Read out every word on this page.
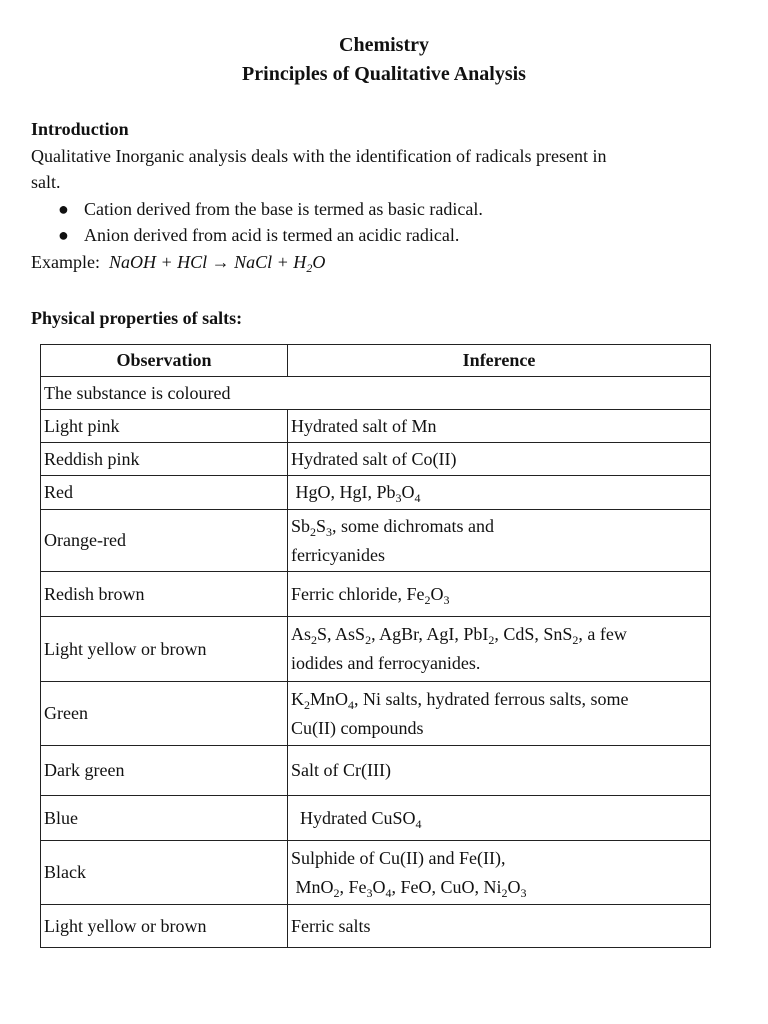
Chemistry
Principles of Qualitative Analysis
Introduction
Qualitative Inorganic analysis deals with the identification of radicals present in
salt.
● Cation derived from the base is termed as basic radical.
● Anion derived from acid is termed an acidic radical.
Example:  NaOH + HCl → NaCl + $H_2O$
Physical properties of salts:
Observation	Inference
The substance is coloured	
Light pink	Hydrated salt of Mn
Reddish pink	Hydrated salt of Co(II)
Red	HgO, HgI, $Pb_3O_4$
Orange-red	$Sb_2S_3$, some dichromats and
ferricyanides
Redish brown	Ferric chloride, $Fe_2O_3$
Light yellow or brown	$As_2S$, AsS$_2$, AgBr, AgI, PbI$_2$, CdS, SnS$_2$, a few
iodides and ferrocyanides.
Green	$K_2MnO_4$, Ni salts, hydrated ferrous salts, some
Cu(II) compounds
Dark green	Salt of Cr(III)
Blue	Hydrated CuSO$_4$
Black	Sulphide of Cu(II) and Fe(II),
MnO$_2$, $Fe_3O_4$, FeO, CuO, $Ni_2O_3$
Light yellow or brown	Ferric salts
